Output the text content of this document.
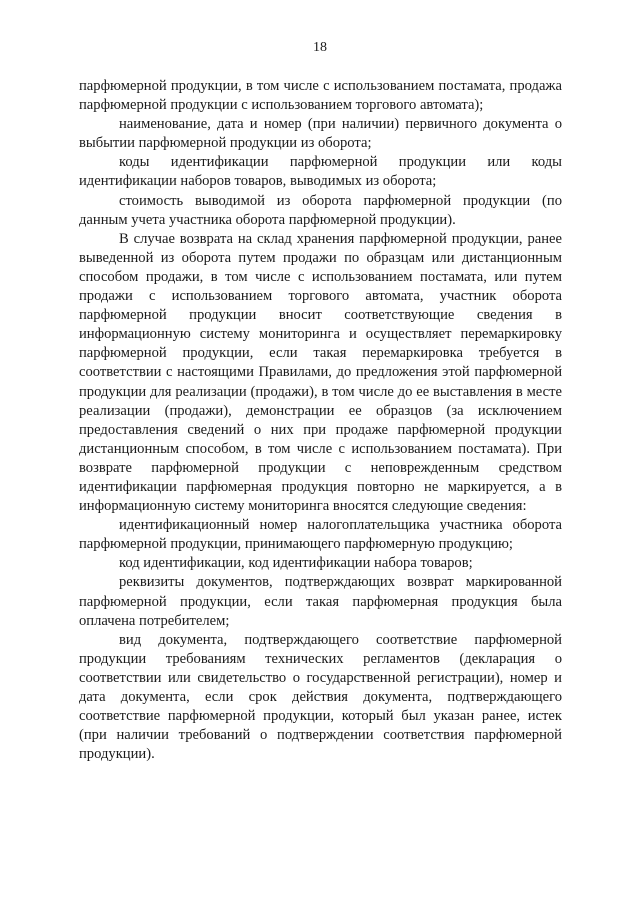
18

парфюмерной продукции, в том числе с использованием постамата, продажа парфюмерной продукции с использованием торгового автомата);

наименование, дата и номер (при наличии) первичного документа о выбытии парфюмерной продукции из оборота;

коды идентификации парфюмерной продукции или коды идентификации наборов товаров, выводимых из оборота;

стоимость выводимой из оборота парфюмерной продукции (по данным учета участника оборота парфюмерной продукции).

В случае возврата на склад хранения парфюмерной продукции, ранее выведенной из оборота путем продажи по образцам или дистанционным способом продажи, в том числе с использованием постамата, или путем продажи с использованием торгового автомата, участник оборота парфюмерной продукции вносит соответствующие сведения в информационную систему мониторинга и осуществляет перемаркировку парфюмерной продукции, если такая перемаркировка требуется в соответствии с настоящими Правилами, до предложения этой парфюмерной продукции для реализации (продажи), в том числе до ее выставления в месте реализации (продажи), демонстрации ее образцов (за исключением предоставления сведений о них при продаже парфюмерной продукции дистанционным способом, в том числе с использованием постамата). При возврате парфюмерной продукции с неповрежденным средством идентификации парфюмерная продукция повторно не маркируется, а в информационную систему мониторинга вносятся следующие сведения:

идентификационный номер налогоплательщика участника оборота парфюмерной продукции, принимающего парфюмерную продукцию;

код идентификации, код идентификации набора товаров;

реквизиты документов, подтверждающих возврат маркированной парфюмерной продукции, если такая парфюмерная продукция была оплачена потребителем;

вид документа, подтверждающего соответствие парфюмерной продукции требованиям технических регламентов (декларация о соответствии или свидетельство о государственной регистрации), номер и дата документа, если срок действия документа, подтверждающего соответствие парфюмерной продукции, который был указан ранее, истек (при наличии требований о подтверждении соответствия парфюмерной продукции).
